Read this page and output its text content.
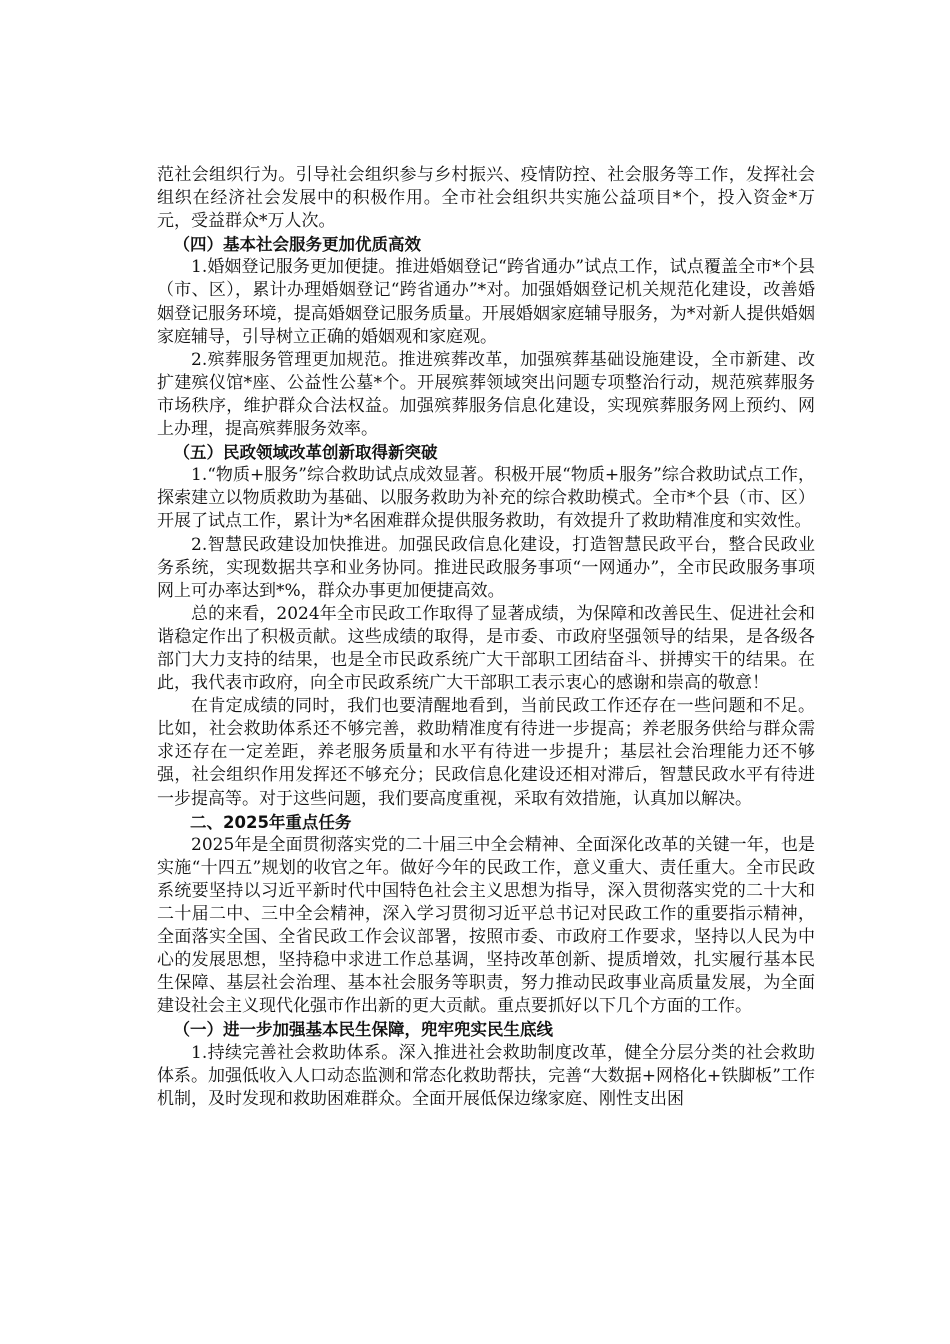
范社会组织行为。引导社会组织参与乡村振兴、疫情防控、社会服务等工作，发挥社会组织在经济社会发展中的积极作用。全市社会组织共实施公益项目*个，投入资金*万元，受益群众*万人次。

（四）基本社会服务更加优质高效

1.婚姻登记服务更加便捷。推进婚姻登记“跨省通办”试点工作，试点覆盖全市*个县（市、区），累计办理婚姻登记“跨省通办”*对。加强婚姻登记机关规范化建设，改善婚姻登记服务环境，提高婚姻登记服务质量。开展婚姻家庭辅导服务，为*对新人提供婚姻家庭辅导，引导树立正确的婚姻观和家庭观。

2.殡葬服务管理更加规范。推进殡葬改革，加强殡葬基础设施建设，全市新建、改扩建殡仪馆*座、公益性公墓*个。开展殡葬领域突出问题专项整治行动，规范殡葬服务市场秩序，维护群众合法权益。加强殡葬服务信息化建设，实现殡葬服务网上预约、网上办理，提高殡葬服务效率。

（五）民政领域改革创新取得新突破

1.“物质+服务”综合救助试点成效显著。积极开展“物质+服务”综合救助试点工作，探索建立以物质救助为基础、以服务救助为补充的综合救助模式。全市*个县（市、区）开展了试点工作，累计为*名困难群众提供服务救助，有效提升了救助精准度和实效性。

2.智慧民政建设加快推进。加强民政信息化建设，打造智慧民政平台，整合民政业务系统，实现数据共享和业务协同。推进民政服务事项“一网通办”，全市民政服务事项网上可办率达到*%，群众办事更加便捷高效。

总的来看，2024年全市民政工作取得了显著成绩，为保障和改善民生、促进社会和谐稳定作出了积极贡献。这些成绩的取得，是市委、市政府坚强领导的结果，是各级各部门大力支持的结果，也是全市民政系统广大干部职工团结奋斗、拼搏实干的结果。在此，我代表市政府，向全市民政系统广大干部职工表示衷心的感谢和崇高的敬意！

在肯定成绩的同时，我们也要清醒地看到，当前民政工作还存在一些问题和不足。比如，社会救助体系还不够完善，救助精准度有待进一步提高；养老服务供给与群众需求还存在一定差距，养老服务质量和水平有待进一步提升；基层社会治理能力还不够强，社会组织作用发挥还不够充分；民政信息化建设还相对滞后，智慧民政水平有待进一步提高等。对于这些问题，我们要高度重视，采取有效措施，认真加以解决。

二、2025年重点任务

2025年是全面贯彻落实党的二十届三中全会精神、全面深化改革的关键一年，也是实施“十四五”规划的收官之年。做好今年的民政工作，意义重大、责任重大。全市民政系统要坚持以习近平新时代中国特色社会主义思想为指导，深入贯彻落实党的二十大和二十届二中、三中全会精神，深入学习贯彻习近平总书记对民政工作的重要指示精神，全面落实全国、全省民政工作会议部署，按照市委、市政府工作要求，坚持以人民为中心的发展思想，坚持稳中求进工作总基调，坚持改革创新、提质增效，扎实履行基本民生保障、基层社会治理、基本社会服务等职责，努力推动民政事业高质量发展，为全面建设社会主义现代化强市作出新的更大贡献。重点要抓好以下几个方面的工作。

（一）进一步加强基本民生保障，兜牢兜实民生底线

1.持续完善社会救助体系。深入推进社会救助制度改革，健全分层分类的社会救助体系。加强低收入人口动态监测和常态化救助帮扶，完善“大数据+网格化+铁脚板”工作机制，及时发现和救助困难群众。全面开展低保边缘家庭、刚性支出困
